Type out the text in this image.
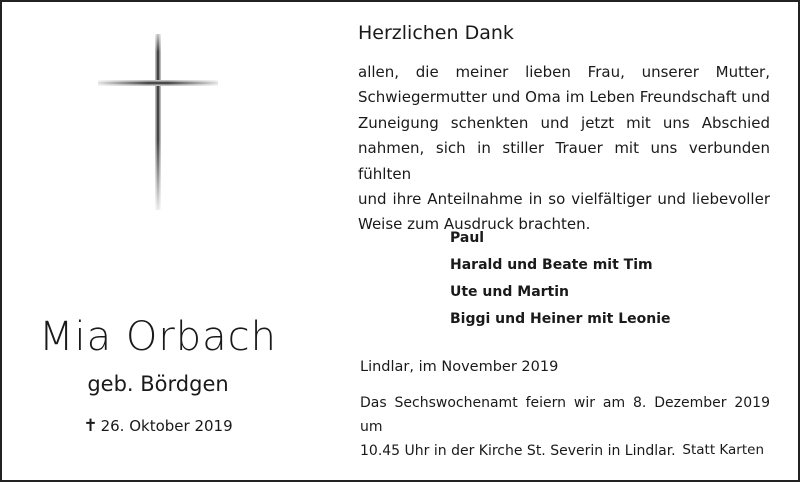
Mia Orbach
geb. Bördgen
✝ 26. Oktober 2019
Herzlichen Dank
allen, die meiner lieben Frau, unserer Mutter,
Schwiegermutter und Oma im Leben Freundschaft und
Zuneigung schenkten und jetzt mit uns Abschied
nahmen, sich in stiller Trauer mit uns verbunden fühlten
und ihre Anteilnahme in so vielfältiger und liebevoller
Weise zum Ausdruck brachten.
Paul
Harald und Beate mit Tim
Ute und Martin
Biggi und Heiner mit Leonie
Lindlar, im November 2019
Das Sechswochenamt feiern wir am 8. Dezember 2019 um
10.45 Uhr in der Kirche St. Severin in Lindlar. Statt Karten
